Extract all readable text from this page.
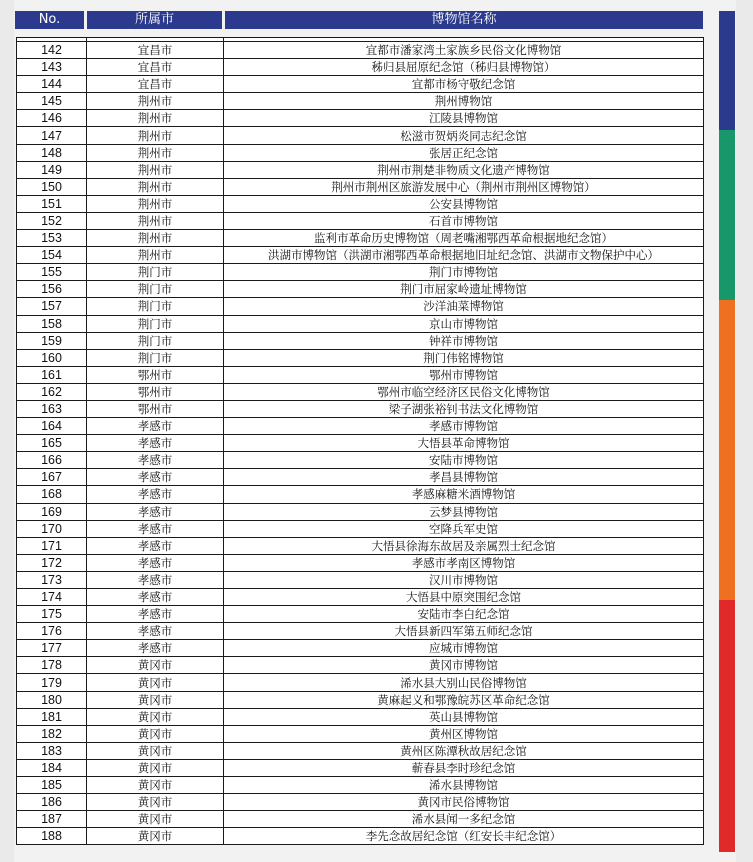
No.	所属市	博物馆名称

142	宜昌市	宜都市潘家湾土家族乡民俗文化博物馆
143	宜昌市	秭归县屈原纪念馆（秭归县博物馆）
144	宜昌市	宜都市杨守敬纪念馆
145	荆州市	荆州博物馆
146	荆州市	江陵县博物馆
147	荆州市	松滋市贺炳炎同志纪念馆
148	荆州市	张居正纪念馆
149	荆州市	荆州市荆楚非物质文化遗产博物馆
150	荆州市	荆州市荆州区旅游发展中心（荆州市荆州区博物馆）
151	荆州市	公安县博物馆
152	荆州市	石首市博物馆
153	荆州市	监利市革命历史博物馆（周老嘴湘鄂西革命根据地纪念馆）
154	荆州市	洪湖市博物馆（洪湖市湘鄂西革命根据地旧址纪念馆、洪湖市文物保护中心）
155	荆门市	荆门市博物馆
156	荆门市	荆门市屈家岭遗址博物馆
157	荆门市	沙洋油菜博物馆
158	荆门市	京山市博物馆
159	荆门市	钟祥市博物馆
160	荆门市	荆门伟铭博物馆
161	鄂州市	鄂州市博物馆
162	鄂州市	鄂州市临空经济区民俗文化博物馆
163	鄂州市	梁子湖张裕钊书法文化博物馆
164	孝感市	孝感市博物馆
165	孝感市	大悟县革命博物馆
166	孝感市	安陆市博物馆
167	孝感市	孝昌县博物馆
168	孝感市	孝感麻糖米酒博物馆
169	孝感市	云梦县博物馆
170	孝感市	空降兵军史馆
171	孝感市	大悟县徐海东故居及亲属烈士纪念馆
172	孝感市	孝感市孝南区博物馆
173	孝感市	汉川市博物馆
174	孝感市	大悟县中原突围纪念馆
175	孝感市	安陆市李白纪念馆
176	孝感市	大悟县新四军第五师纪念馆
177	孝感市	应城市博物馆
178	黄冈市	黄冈市博物馆
179	黄冈市	浠水县大别山民俗博物馆
180	黄冈市	黄麻起义和鄂豫皖苏区革命纪念馆
181	黄冈市	英山县博物馆
182	黄冈市	黄州区博物馆
183	黄冈市	黄州区陈潭秋故居纪念馆
184	黄冈市	蕲春县李时珍纪念馆
185	黄冈市	浠水县博物馆
186	黄冈市	黄冈市民俗博物馆
187	黄冈市	浠水县闻一多纪念馆
188	黄冈市	李先念故居纪念馆（红安长丰纪念馆）
